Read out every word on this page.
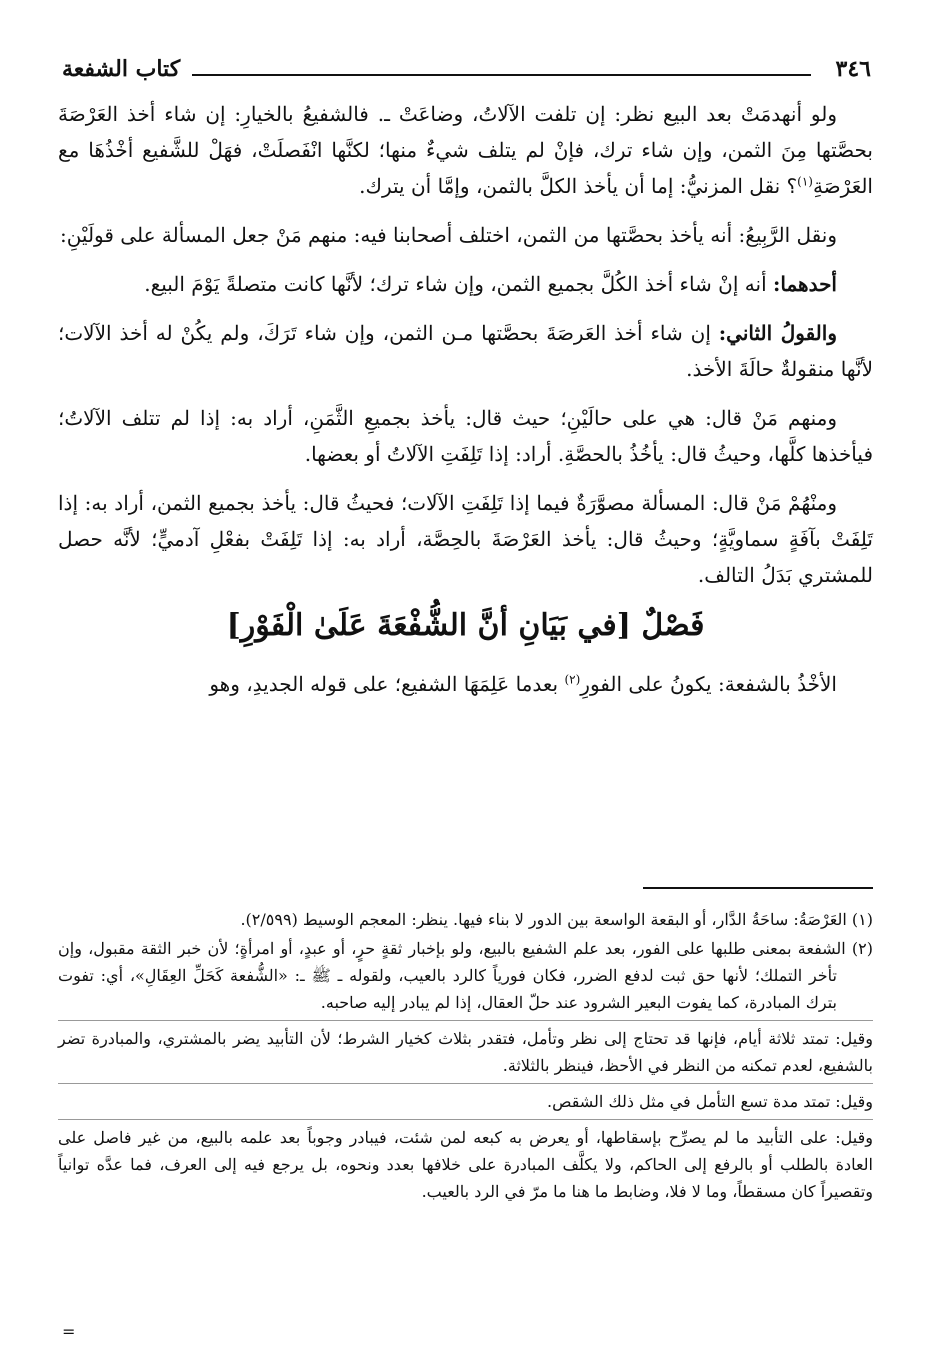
٣٤٦
كتاب الشفعة

ولو أنهدمَتْ بعد البيع نظر: إن تلفت الآلاتُ، وضاعَتْ ـ. فالشفيعُ بالخيارِ: إن شاء أخذ العَرْصَةَ بحصَّتها مِنَ الثمن، وإن شاء ترك، فإنْ لم يتلف شيءٌ منها؛ لكنَّها انْفَصلَتْ، فهَلْ للشَّفيع أخْذُهَا مع العَرْصَةِ$^{(١)}$؟ نقل المزنيُّ: إما أن يأخذ الكلَّ بالثمن، وإمَّا أن يترك.

ونقل الرَّبِيعُ: أنه يأخذ بحصَّتها من الثمن، اختلف أصحابنا فيه: منهم مَنْ جعل المسألة على قولَيْنِ:

أحدهما: أنه إنْ شاء أخذ الكُلَّ بجميع الثمن، وإن شاء ترك؛ لأنَّها كانت متصلةً يَوْمَ البيع.

والقولُ الثاني: إن شاء أخذ العَرصَةَ بحصَّتها مـن الثمن، وإن شاء تَرَكَ، ولم يكُنْ له أخذ الآلات؛ لأنَّها منقولةٌ حالَةَ الأخذ.

ومنهم مَنْ قال: هي على حالَيْنِ؛ حيث قال: يأخذ بجميعِ الثَّمَنِ، أراد به: إذا لم تتلف الآلاتُ؛ فيأخذها كلَّها، وحيثُ قال: يأخُذُ بالحصَّةِ. أراد: إذا تَلِفَتِ الآلاتُ أو بعضها.

ومنْهُمْ مَنْ قال: المسألة مصوَّرَةٌ فيما إذا تَلِفَتِ الآلات؛ فحيثُ قال: يأخذ بجميع الثمن، أراد به: إذا تَلِفَتْ بآفَةٍ سماويَّةٍ؛ وحيثُ قال: يأخذ العَرْصَةَ بالحِصَّة، أراد به: إذا تَلِفَتْ بفعْلِ آدميٍّ؛ لأنَّه حصل للمشتري بَدَلُ التالف.

فَصْلٌ [في بَيَانِ أنَّ الشُّفْعَةَ عَلَىٰ الْفَوْرِ]

الأخْذُ بالشفعة: يكونُ على الفورِ$^{(٢)}$ بعدما عَلِمَهَا الشفيع؛ على قوله الجديدِ، وهو

(١) العَرْصَةُ: ساحَةُ الدَّار، أو البقعة الواسعة بين الدور لا بناء فيها. ينظر: المعجم الوسيط (٢/٥٩٩).
(٢) الشفعة بمعنى طلبها على الفور، بعد علم الشفيع بالبيع، ولو بإخبار ثقةٍ حرٍ، أو عبدٍ، أو امرأةٍ؛ لأن خبر الثقة مقبول، وإن تأخر التملك؛ لأنها حق ثبت لدفع الضرر، فكان فورياً كالرد بالعيب، ولقوله ـ ﷺ ـ: «الشُّفعة كَحَلِّ العِقَالِ»، أي: تفوت بترك المبادرة، كما يفوت البعير الشرود عند حلّ العقال، إذا لم يبادر إليه صاحبه.
وقيل: تمتد ثلاثة أيام، فإنها قد تحتاج إلى نظر وتأمل، فتقدر بثلاث كخيار الشرط؛ لأن التأبيد يضر بالمشتري، والمبادرة تضر بالشفيع، لعدم تمكنه من النظر في الأحظ، فينظر بالثلاثة.
وقيل: تمتد مدة تسع التأمل في مثل ذلك الشقص.
وقيل: على التأبيد ما لم يصرِّح بإسقاطها، أو يعرض به كبعه لمن شئت، فيبادر وجوباً بعد علمه بالبيع، من غير فاصل على العادة بالطلب أو بالرفع إلى الحاكم، ولا يكلَّف المبادرة على خلافها بعدد ونحوه، بل يرجع فيه إلى العرف، فما عدَّه توانياً وتقصيراً كان مسقطاً، وما لا فلا، وضابط ما هنا ما مرّ في الرد بالعيب.
=
